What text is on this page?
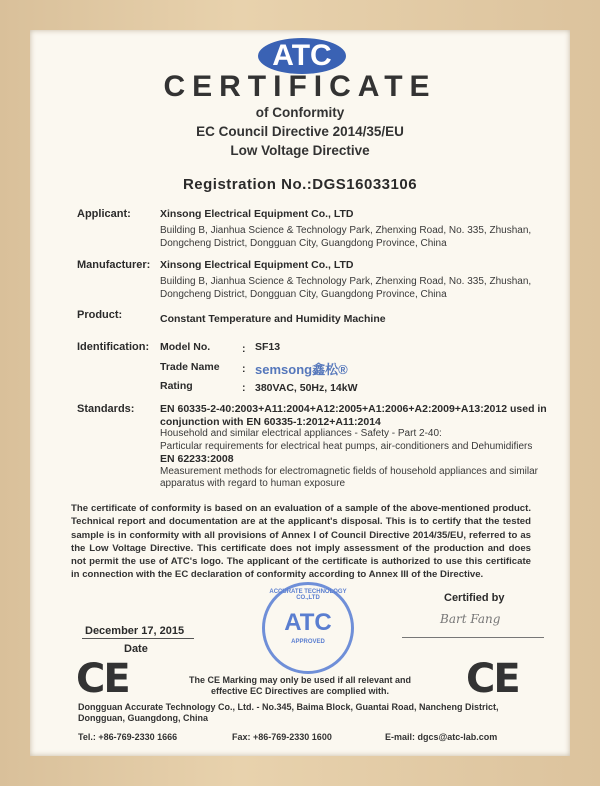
ATC
CERTIFICATE
of Conformity
EC Council Directive 2014/35/EU
Low Voltage Directive
Registration No.:DGS16033106
Applicant:	Xinsong Electrical Equipment Co., LTD
Building B, Jianhua Science & Technology Park, Zhenxing Road, No. 335, Zhushan,
Dongcheng District, Dongguan City, Guangdong Province, China
Manufacturer: Xinsong Electrical Equipment Co., LTD
Building B, Jianhua Science & Technology Park, Zhenxing Road, No. 335, Zhushan,
Dongcheng District, Dongguan City, Guangdong Province, China
Product:	Constant Temperature and Humidity Machine
Identification: Model No.	: SF13
Trade Name : semsong鑫松®
Rating	: 380VAC, 50Hz, 14kW
Standards: EN 60335-2-40:2003+A11:2004+A12:2005+A1:2006+A2:2009+A13:2012 used in conjunction with EN 60335-1:2012+A11:2014
Household and similar electrical appliances - Safety - Part 2-40:
Particular requirements for electrical heat pumps, air-conditioners and Dehumidifiers
EN 62233:2008
Measurement methods for electromagnetic fields of household appliances and similar apparatus with regard to human exposure
The certificate of conformity is based on an evaluation of a sample of the above-mentioned product. Technical report and documentation are at the applicant's disposal. This is to certify that the tested sample is in conformity with all provisions of Annex I of Council Directive 2014/35/EU, referred to as the Low Voltage Directive. This certificate does not imply assessment of the production and does not permit the use of ATC's logo. The applicant of the certificate is authorized to use this certificate in connection with the EC declaration of conformity according to Annex III of the Directive.
ACCURATE TECHNOLOGY CO.,LTD
ATC
APPROVED
December 17, 2015
Date
Certified by
Bart Fang
CE	CE
The CE Marking may only be used if all relevant and
effective EC Directives are complied with.
Dongguan Accurate Technology Co., Ltd. - No.345, Baima Block, Guantai Road, Nancheng District, Dongguan, Guangdong, China
Tel.: +86-769-2330 1666	Fax: +86-769-2330 1600	E-mail: dgcs@atc-lab.com
